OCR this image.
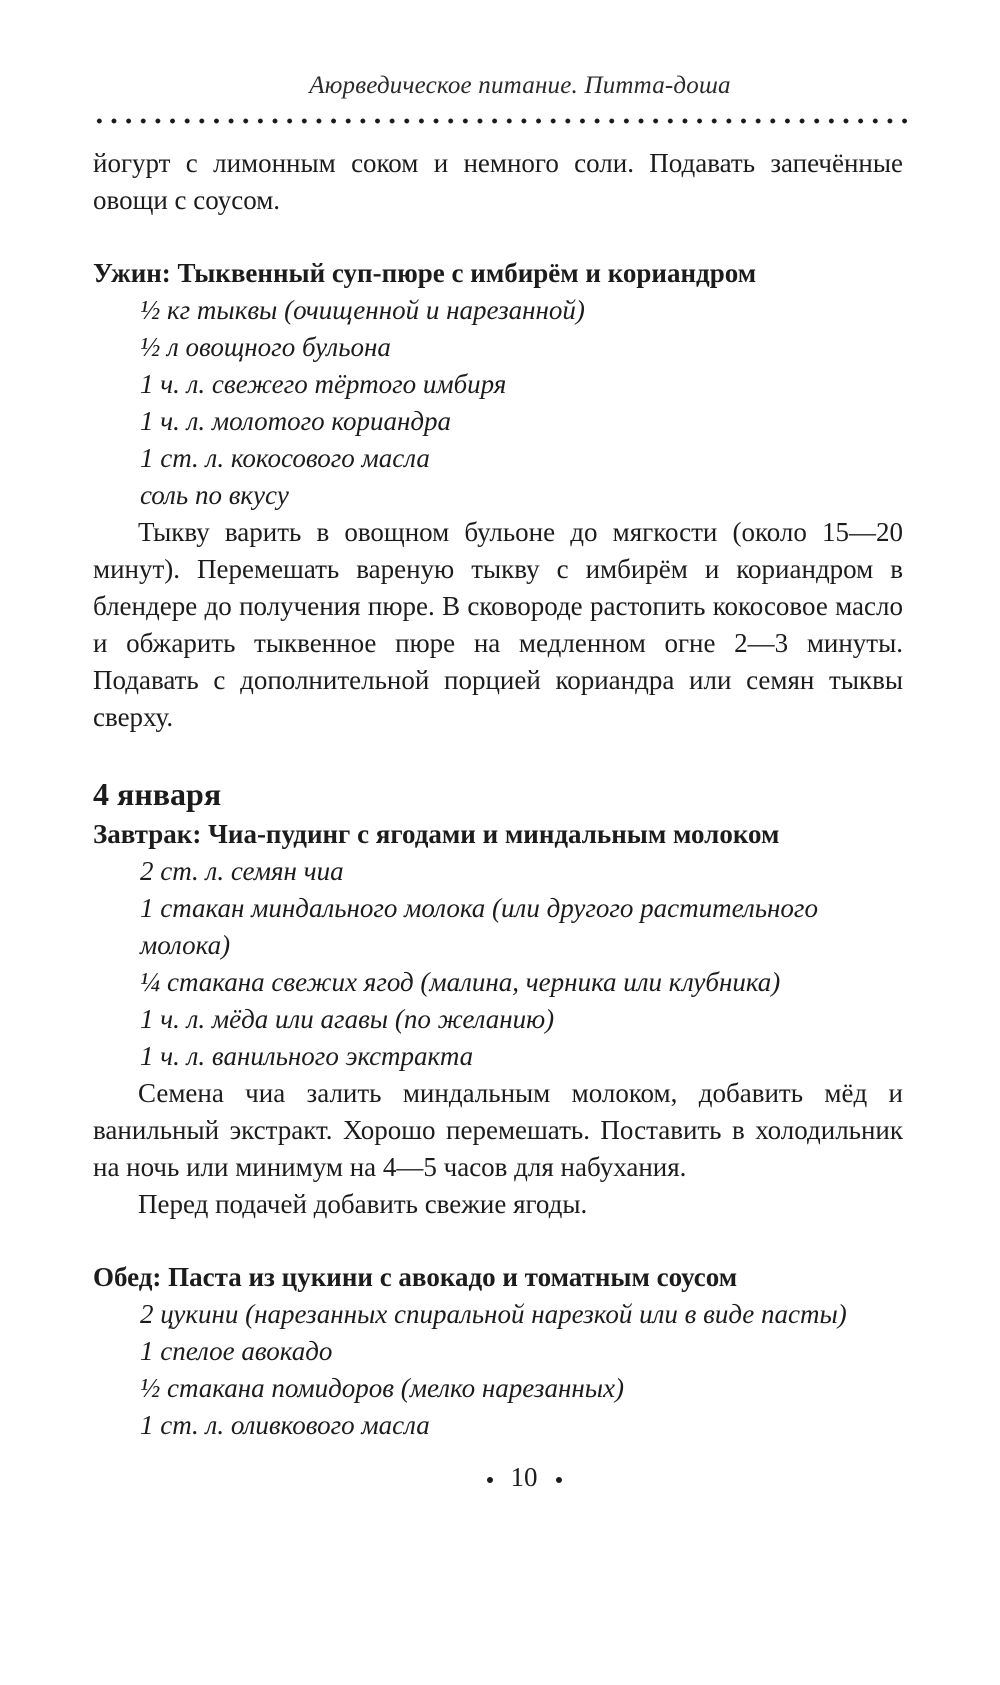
Аюрведическое питание. Питта-доша

йогурт с лимонным соком и немного соли. Подавать запечённые овощи с соусом.

Ужин: Тыквенный суп-пюре с имбирём и кориандром
½ кг тыквы (очищенной и нарезанной)
½ л овощного бульона
1 ч. л. свежего тёртого имбиря
1 ч. л. молотого кориандра
1 ст. л. кокосового масла
соль по вкусу

Тыкву варить в овощном бульоне до мягкости (около 15—20 минут). Перемешать вареную тыкву с имбирём и кориандром в блендере до получения пюре. В сковороде растопить кокосовое масло и обжарить тыквенное пюре на медленном огне 2—3 минуты. Подавать с дополнительной порцией кориандра или семян тыквы сверху.

4 января
Завтрак: Чиа-пудинг с ягодами и миндальным молоком
2 ст. л. семян чиа
1 стакан миндального молока (или другого растительного молока)
¼ стакана свежих ягод (малина, черника или клубника)
1 ч. л. мёда или агавы (по желанию)
1 ч. л. ванильного экстракта

Семена чиа залить миндальным молоком, добавить мёд и ванильный экстракт. Хорошо перемешать. Поставить в холодильник на ночь или минимум на 4—5 часов для набухания.

Перед подачей добавить свежие ягоды.

Обед: Паста из цукини с авокадо и томатным соусом
2 цукини (нарезанных спиральной нарезкой или в виде пасты)
1 спелое авокадо
½ стакана помидоров (мелко нарезанных)
1 ст. л. оливкового масла
10
